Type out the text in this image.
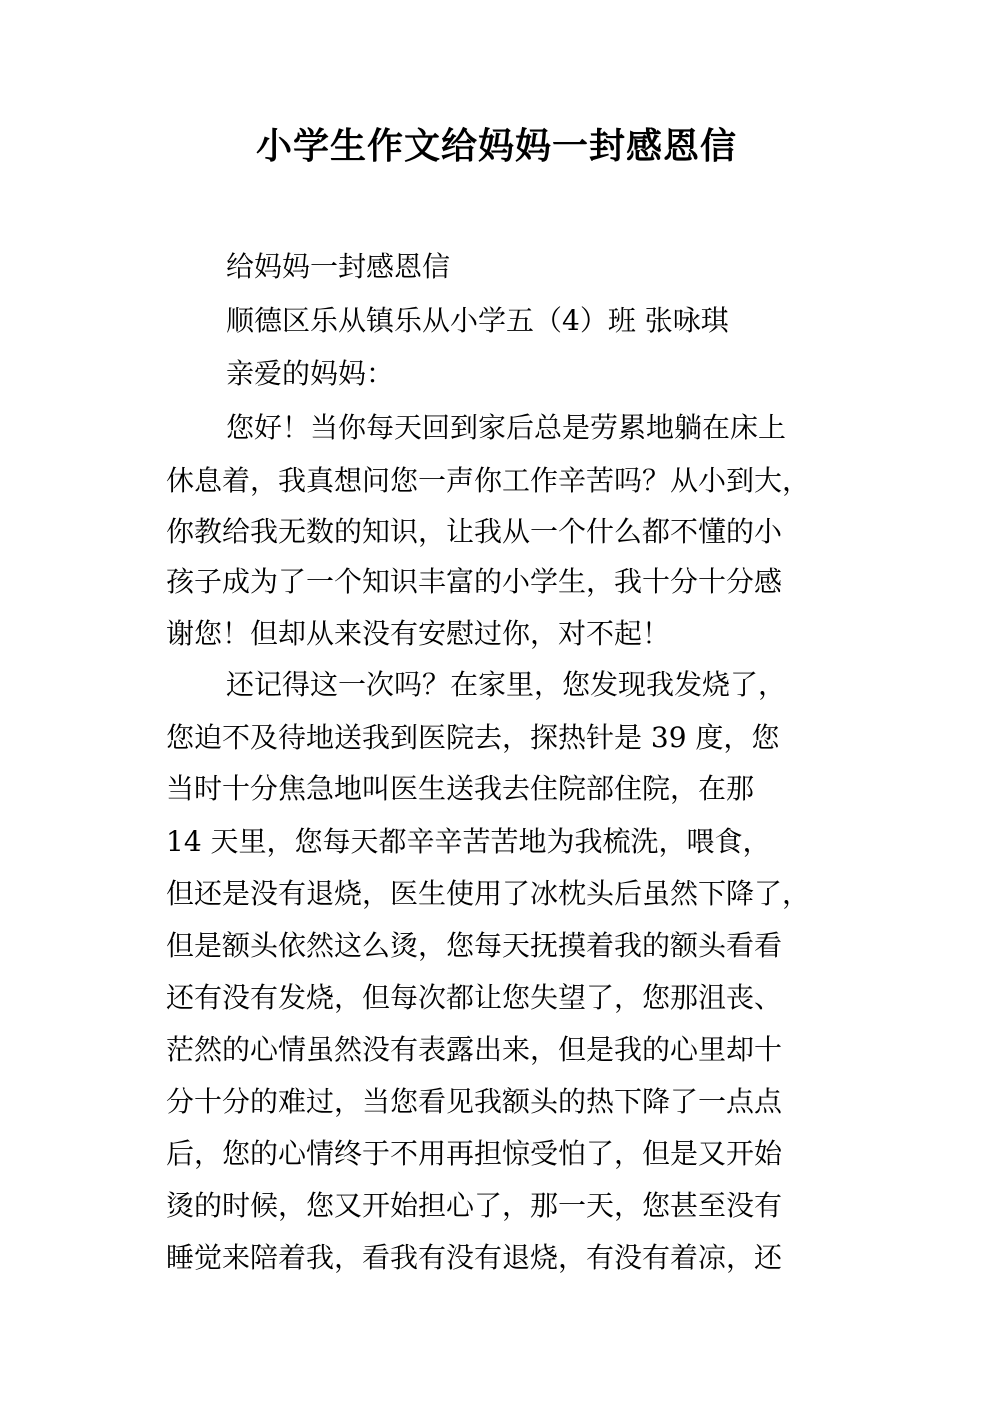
小学生作文给妈妈一封感恩信
给妈妈一封感恩信
顺德区乐从镇乐从小学五（4）班 张咏琪
亲爱的妈妈：
您好！当你每天回到家后总是劳累地躺在床上
休息着，我真想问您一声你工作辛苦吗？从小到大，
你教给我无数的知识，让我从一个什么都不懂的小
孩子成为了一个知识丰富的小学生，我十分十分感
谢您！但却从来没有安慰过你，对不起！
还记得这一次吗？在家里，您发现我发烧了，
您迫不及待地送我到医院去，探热针是 39 度，您
当时十分焦急地叫医生送我去住院部住院，在那
14 天里，您每天都辛辛苦苦地为我梳洗，喂食，
但还是没有退烧，医生使用了冰枕头后虽然下降了，
但是额头依然这么烫，您每天抚摸着我的额头看看
还有没有发烧，但每次都让您失望了，您那沮丧、
茫然的心情虽然没有表露出来，但是我的心里却十
分十分的难过，当您看见我额头的热下降了一点点
后，您的心情终于不用再担惊受怕了，但是又开始
烫的时候，您又开始担心了，那一天，您甚至没有
睡觉来陪着我，看我有没有退烧，有没有着凉，还
